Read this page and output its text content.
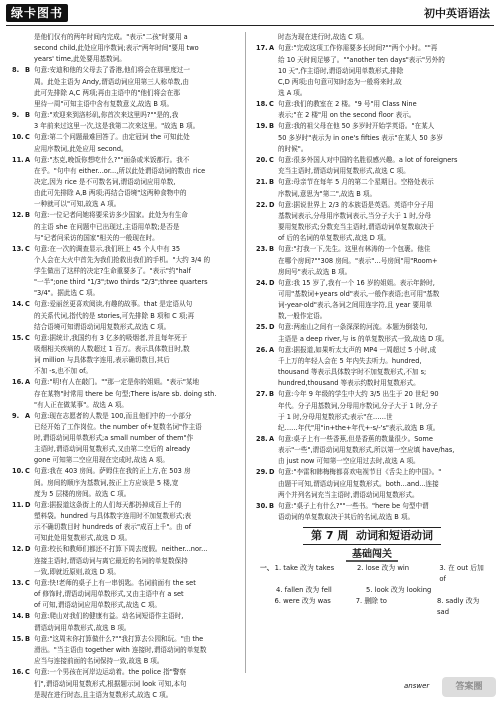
绿卡图书	初中英语语法
是他们仅有的两年时间内完成。"表示"二孩"时要用 a
second child,此处应用序数词;表示"两年时间"要用 two
years' time,此处要用基数词。
8. B 句意:安迪和他的父母去了香港,他们将会在那里度过一
周。此处主语为 Andy,谓语动词应用第三人称单数,由
此可先排除 A,C 两项;再由主语中的"他们将会在那
里待一周"可知主语中含有复数意义,故选 B 项。
9. B 句意:"欢迎来到洛杉矶,你首次来这里吗?""是的,我
3 年前来过这里一次,这是我第二次来这里。"故选 B 项。
10. C 句意:第二个问题最难回答了。由定冠词 the 可知此处
应用序数词,此处应用 second。
11. A 句意:"杰克,晚饭你想吃什么?""面条或米饭都行。我不
在乎。"句中有 either...or...,所以此处谓语动词的数由 rice
决定,因为 rice 是不可数名词,谓语动词应用单数,
由此可先排除 A,B 两项;再结合语境"这两种食物中的
一种就可以"可知,故选 A 项。
12. B 句意:一位记者问她将要采访多少国家。此处为有生命
的主语 she 在问题中已出现过,主语用单数;是否是
与"记者问采访的国家"相关的一般现在时。
13. C 句意:在一次的调查显示,我们班上 45 个人中有 35
个人会在大火中首先为我们抢救出我们的手机。"大约 3/4 的
学生做出了这样的决定?生命重要多了。"表示"约"half
"一半";one third "1/3";two thirds "2/3";three quarters
"3/4"。据此选 C 项。
14. C 句意:爱丽丝更喜欢阅读,有趣的故事。that 是定语从句
的关系代词,指代的是 stories,可先排除 B 项和 C 项;再
结合语境可知谓语动词用复数形式,故选 C 项。
15. C 句意:据统计,我国约有 3 亿多的吸烟者,并且每年死于
吸烟相关疾病的人数超过 1 百万。表示具体数目时,数
词 million 与具体数字连用,表示确切数目,其后
不加 -s,也不加 of。
16. A 句意:"明!有人在敲门。""那一定是你的姐姐。"表示"某地
存在某物"时常用 there be 句型;There is/are sb. doing sth.
"有人正在做某事"。故选 A 项。
9. A 句意:现在志愿者的人数是 100,而且他们中的一小部分
已经开始了工作岗位。the number of+复数名词"作主语
时,谓语动词用单数形式;a small number of them"作
主语时,谓语动词用复数形式,又由第二空后的 already
gone 可知第二空应用现在完成时,故选 A 项。
10. C 句意:我在 403 房间。萨姆住在我的正上方,在 503 房
间。房间的顺序为基数词,按正上方应该是 5 楼,宽
度为 5 层楼的房间。故选 C 项。
11. D 句意:据报道这条街上的人们每天都扔掉成百上千的
塑料袋。hundred 与具体数字连用时不加复数形式;表
示不确切数目时 hundreds of 表示"成百上千"。由 of
可知此处用复数形式,故选 D 项。
12. D 句意:校长和教师们都还不打算下周去度假。neither...nor...
连接主语时,谓语动词与离它最近的名词的单复数保持
一致,即就近原则,故选 D 项。
13. C 句意:快!老师的桌子上有一串钥匙。名词前面有 the set
of 修饰时,谓语动词用单数形式,又由主语中有 a set
of 可知,谓语动词应用单数形式,故选 C 项。
14. B 句意:爬山对我们的健康有益。动名词短语作主语时,
谓语动词用单数形式,故选 B 项。
15. B 句意:"这周末你打算做什么?""我打算去公园和玩。"由 the
滑出。"当主语由 together with 连接时,谓语动词的单复数
应当与连接前面的名词保持一致,故选 B 项。
16. C 句意:一个男孩在河岸边运动着。the police 指"警察
们",谓语动词用复数形式,根据题示词 look 可知,本句
是现在进行时态,且主语为复数形式,故选 C 项。
时态为现在进行时,故选 C 项。
17. A 句意:"完成这项工作你需要多长时间?""两个小时。""再
给 10 天时间足够了。""another ten days"表示"另外的
10 天",作主语时,谓语动词用单数形式,排除
C,D 两项;由句意可知时态为一般将来时,故
选 A 项。
18. C 句意:我们的教室在 2 楼。"9 号"用 Class Nine
表示;"在 2 楼"用 on the second floor 表示。
19. B 句意:我的祖父母在他 50 多岁时开始学英语。"在某人
50 多岁时"表示为 in one's fifties 表示"在某人 50 多岁
的时候"。
20. C 句意:很多外国人对中国的名胜很感兴趣。a lot of foreigners
充当主语时,谓语动词用复数形式,故选 C 项。
21. B 句意:母亲节在每年 5 月的第二个星期日。空格处表示
序数词,意思为"第二",故选 B 项。
22. D 句意:据说世界上 2/3 的本族语是英语。英语中分子用
基数词表示,分母用序数词表示,当分子大于 1 时,分母
要用复数形式;分数充当主语时,谓语动词单复数取决于
of 后的名词的单复数形式,故选 D 项。
23. B 句意:"打我一下,先生。这里有林涛的一个包裹。他住
在哪个房间?""308 房间。"表示"…号房间"用"Room+
房间号"表示,故选 B 项。
24. D 句意:我 15 岁了,我有一个 16 岁的姐姐。表示年龄时,
可用"基数词+years old"表示,一般作表语;也可用"基数
词-year-old"表示,各词之间用连字符,且 year 要用单
数,一般作定语。
25. D 句意:两座山之间有一条深深的河流。本题为倒装句,
主语是 a deep river,与 is 的单复数形式一致,故选 D 项。
26. A 句意:据报道,如果听太太声的 MP4 一周超过 5 小时,成
千上万的年轻人会在 5 年内失去听力。hundred,
thousand 等表示具体数字时不加复数形式,不加 s;
hundred,thousand 等表示约数时用复数形式。
27. B 句意:今年 9 年级的学生中大约 3/5 出生于 20 世纪 90
年代。分子用基数词,分母用序数词,分子大于 1 时,分子
于 1 时,分母用复数形式;表示"在……世
纪……年代"用"in+the+年代+-s/-'s"表示,故选 B 项。
28. A 句意:桌子上有一些香蕉,但是香蕉的数量很少。Some
表示"一些",谓语动词用复数形式,所以第一空应填 have/has,
由 just now 可知第一空应用过去时,故选 A 项。
29. D 句意:"李雷和韩梅梅都喜欢电视节目《舌尖上的中国》。"
由题干可知,谓语动词应用复数形式。both...and...连接
两个并列名词充当主语时,谓语动词用复数形式。
30. B 句意:"桌子上有什么?""一些书。"here be 句型中谓
语动词的单复数取决于其后的名词,故选 B 项。
第 7 周 动词和短语动词
基础闯关
一、 1. take 改为 takes	2. lose 改为 win	3. 在 out 后加 of
4. fallen 改为 fell	5. look 改为 looking
6. were 改为 was	7. 删除 to	8. sadly 改为 sad
answer	答案圈
